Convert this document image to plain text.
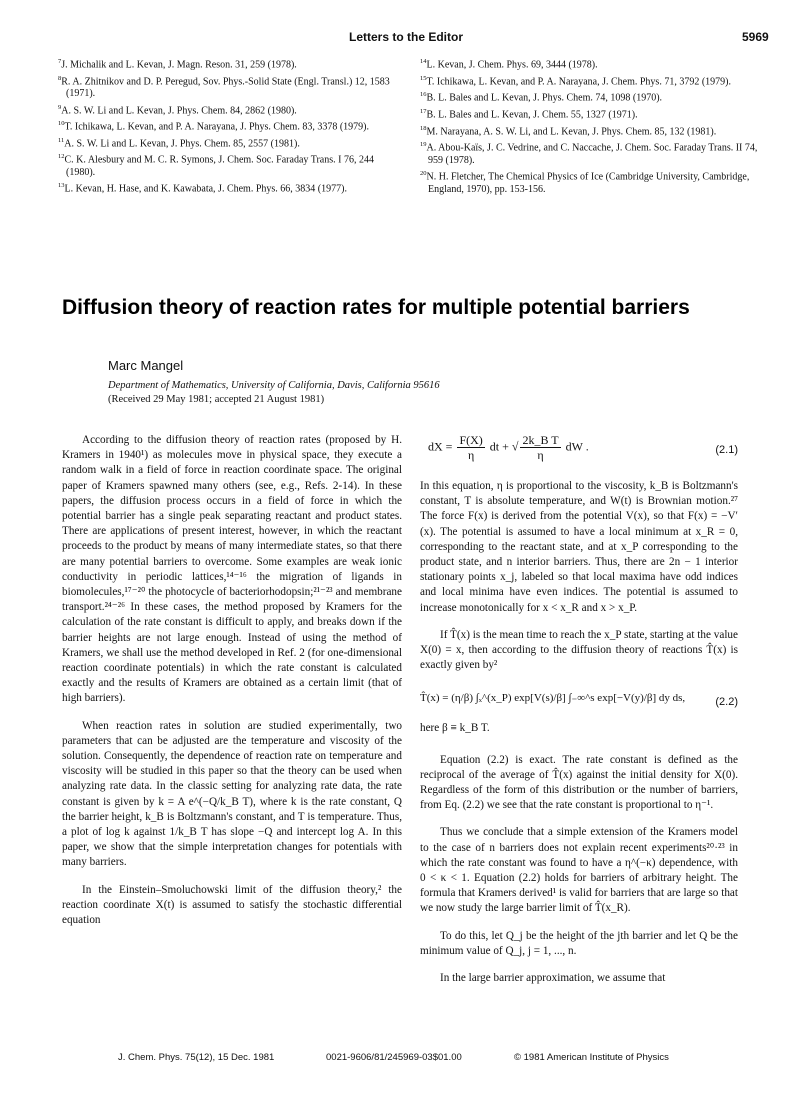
Letters to the Editor	5969
$^7$J. Michalik and L. Kevan, J. Magn. Reson. 31, 259 (1978).
$^8$R. A. Zhitnikov and D. P. Peregud, Sov. Phys.-Solid State (Engl. Transl.) 12, 1583 (1971).
$^9$A. S. W. Li and L. Kevan, J. Phys. Chem. 84, 2862 (1980).
$^{10}$T. Ichikawa, L. Kevan, and P. A. Narayana, J. Phys. Chem. 83, 3378 (1979).
$^{11}$A. S. W. Li and L. Kevan, J. Phys. Chem. 85, 2557 (1981).
$^{12}$C. K. Alesbury and M. C. R. Symons, J. Chem. Soc. Faraday Trans. I 76, 244 (1980).
$^{13}$L. Kevan, H. Hase, and K. Kawabata, J. Chem. Phys. 66, 3834 (1977).
$^{14}$L. Kevan, J. Chem. Phys. 69, 3444 (1978).
$^{15}$T. Ichikawa, L. Kevan, and P. A. Narayana, J. Chem. Phys. 71, 3792 (1979).
$^{16}$B. L. Bales and L. Kevan, J. Phys. Chem. 74, 1098 (1970).
$^{17}$B. L. Bales and L. Kevan, J. Chem. 55, 1327 (1971).
$^{18}$M. Narayana, A. S. W. Li, and L. Kevan, J. Phys. Chem. 85, 132 (1981).
$^{19}$A. Abou-Kaïs, J. C. Vedrine, and C. Naccache, J. Chem. Soc. Faraday Trans. II 74, 959 (1978).
$^{20}$N. H. Fletcher, The Chemical Physics of Ice (Cambridge University, Cambridge, England, 1970), pp. 153-156.
Diffusion theory of reaction rates for multiple potential barriers
Marc Mangel
Department of Mathematics, University of California, Davis, California 95616
(Received 29 May 1981; accepted 21 August 1981)

According to the diffusion theory of reaction rates (proposed by H. Kramers in 1940¹) as molecules move in physical space, they execute a random walk in a field of force in reaction coordinate space. The original paper of Kramers spawned many others (see, e.g., Refs. 2-14). In these papers, the diffusion process occurs in a field of force in which the potential barrier has a single peak separating reactant and product states. There are applications of present interest, however, in which the reactant proceeds to the product by means of many intermediate states, so that there are many potential barriers to overcome. Some examples are weak ionic conductivity in periodic lattices,¹⁴⁻¹⁶ the migration of ligands in biomolecules,¹⁷⁻²⁰ the photocycle of bacteriorhodopsin;²¹⁻²³ and membrane transport.²⁴⁻²⁶ In these cases, the method proposed by Kramers for the calculation of the rate constant is difficult to apply, and breaks down if the barrier heights are not large enough. Instead of using the method of Kramers, we shall use the method developed in Ref. 2 (for one-dimensional reaction coordinate potentials) in which the rate constant is calculated exactly and the results of Kramers are obtained as a certain limit (that of high barriers).

When reaction rates in solution are studied experimentally, two parameters that can be adjusted are the temperature and viscosity of the solution. Consequently, the dependence of reaction rate on temperature and viscosity will be studied in this paper so that the theory can be used when analyzing rate data. In the classic setting for analyzing rate data, the rate constant is given by k = A e^(−Q/k_B T), where k is the rate constant, Q the barrier height, k_B is Boltzmann's constant, and T is temperature. Thus, a plot of log k against 1/k_B T has slope −Q and intercept log A. In this paper, we show that the simple interpretation changes for potentials with many barriers.

In the Einstein–Smoluchowski limit of the diffusion theory,² the reaction coordinate X(t) is assumed to satisfy the stochastic differential equation

dX = $\frac{F(X)}{\eta}$ dt + √ $\frac{\text{2k\_B T}}{\eta}$ dW .	(2.1)

In this equation, η is proportional to the viscosity, k_B is Boltzmann's constant, T is absolute temperature, and W(t) is Brownian motion.²⁷ The force F(x) is derived from the potential V(x), so that F(x) = −V′(x). The potential is assumed to have a local minimum at x_R = 0, corresponding to the reactant state, and at x_P corresponding to the product state, and n interior barriers. Thus, there are 2n − 1 interior stationary points x_j, labeled so that local maxima have odd indices and local minima have even indices. The potential is assumed to increase monotonically for x < x_R and x > x_P.

If T̂(x) is the mean time to reach the x_P state, starting at the value X(0) = x, then according to the diffusion theory of reactions T̂(x) is exactly given by²

T̂(x) = (η/β) ∫ₓ^(x_P) exp[V(s)/β] ∫₋∞^s exp[−V(y)/β] dy ds,	(2.2)

here β ≡ k_B T.

Equation (2.2) is exact. The rate constant is defined as the reciprocal of the average of T̂(x) against the initial density for X(0). Regardless of the form of this distribution or the number of barriers, from Eq. (2.2) we see that the rate constant is proportional to η⁻¹.

Thus we conclude that a simple extension of the Kramers model to the case of n barriers does not explain recent experiments²⁰·²³ in which the rate constant was found to have a η^(−κ) dependence, with 0 < κ < 1. Equation (2.2) holds for barriers of arbitrary height. The formula that Kramers derived¹ is valid for barriers that are large so that we now study the large barrier limit of T̂(x_R).

To do this, let Q_j be the height of the jth barrier and let Q be the minimum value of Q_j, j = 1, ..., n.

In the large barrier approximation, we assume that

J. Chem. Phys. 75(12), 15 Dec. 1981	0021-9606/81/245969-03$01.00	© 1981 American Institute of Physics
